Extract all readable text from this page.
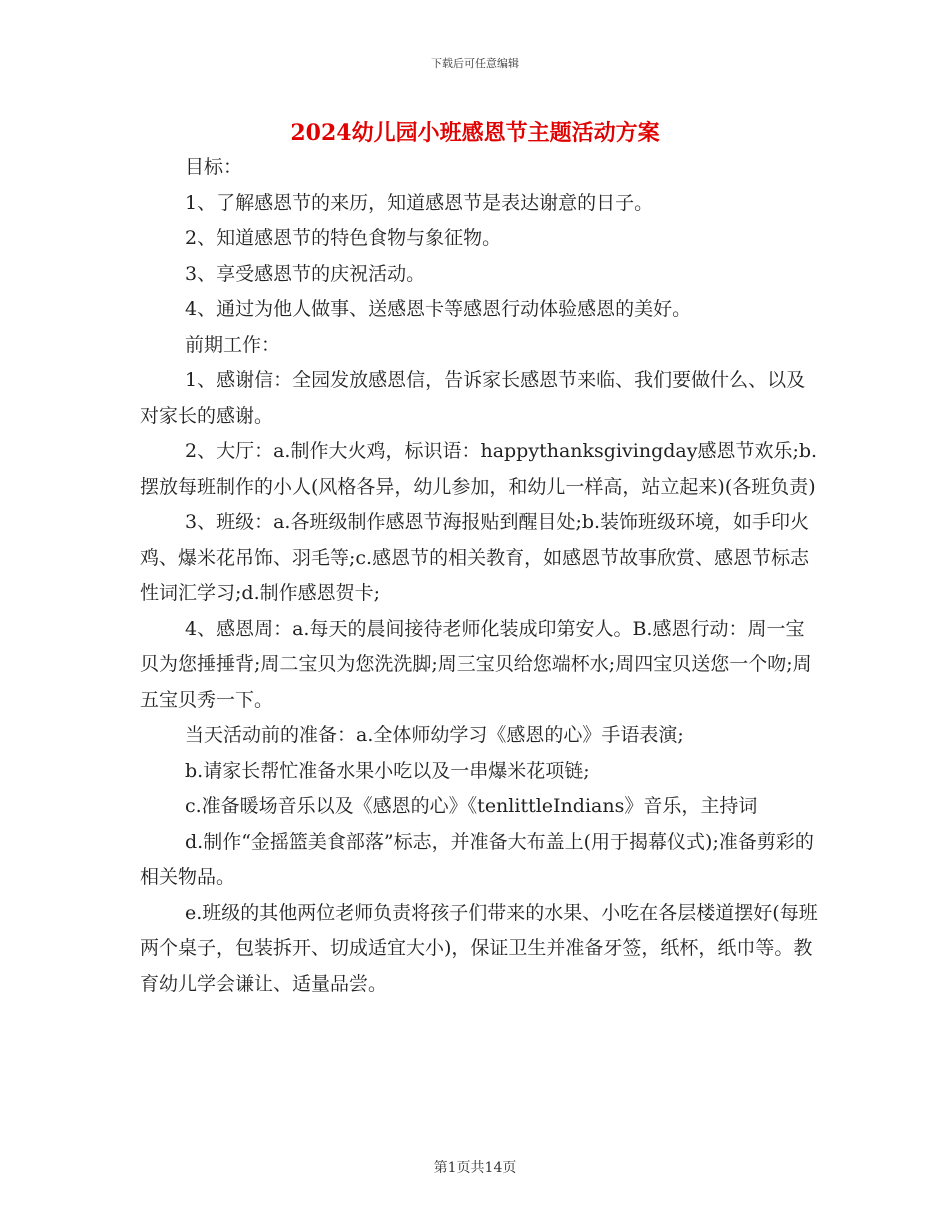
下载后可任意编辑
2024幼儿园小班感恩节主题活动方案

目标：

1、了解感恩节的来历，知道感恩节是表达谢意的日子。

2、知道感恩节的特色食物与象征物。

3、享受感恩节的庆祝活动。

4、通过为他人做事、送感恩卡等感恩行动体验感恩的美好。

前期工作：

1、感谢信：全园发放感恩信，告诉家长感恩节来临、我们要做什么、以及对家长的感谢。

2、大厅：a.制作大火鸡，标识语：happythanksgivingday感恩节欢乐;b.摆放每班制作的小人(风格各异，幼儿参加，和幼儿一样高，站立起来)(各班负责)

3、班级：a.各班级制作感恩节海报贴到醒目处;b.装饰班级环境，如手印火鸡、爆米花吊饰、羽毛等;c.感恩节的相关教育，如感恩节故事欣赏、感恩节标志性词汇学习;d.制作感恩贺卡;

4、感恩周：a.每天的晨间接待老师化装成印第安人。B.感恩行动：周一宝贝为您捶捶背;周二宝贝为您洗洗脚;周三宝贝给您端杯水;周四宝贝送您一个吻;周五宝贝秀一下。

当天活动前的准备：a.全体师幼学习《感恩的心》手语表演;

b.请家长帮忙准备水果小吃以及一串爆米花项链;

c.准备暖场音乐以及《感恩的心》《tenlittleIndians》音乐，主持词

d.制作“金摇篮美食部落”标志，并准备大布盖上(用于揭幕仪式);准备剪彩的相关物品。

e.班级的其他两位老师负责将孩子们带来的水果、小吃在各层楼道摆好(每班两个桌子，包装拆开、切成适宜大小)，保证卫生并准备牙签，纸杯，纸巾等。教育幼儿学会谦让、适量品尝。

第1页共14页
